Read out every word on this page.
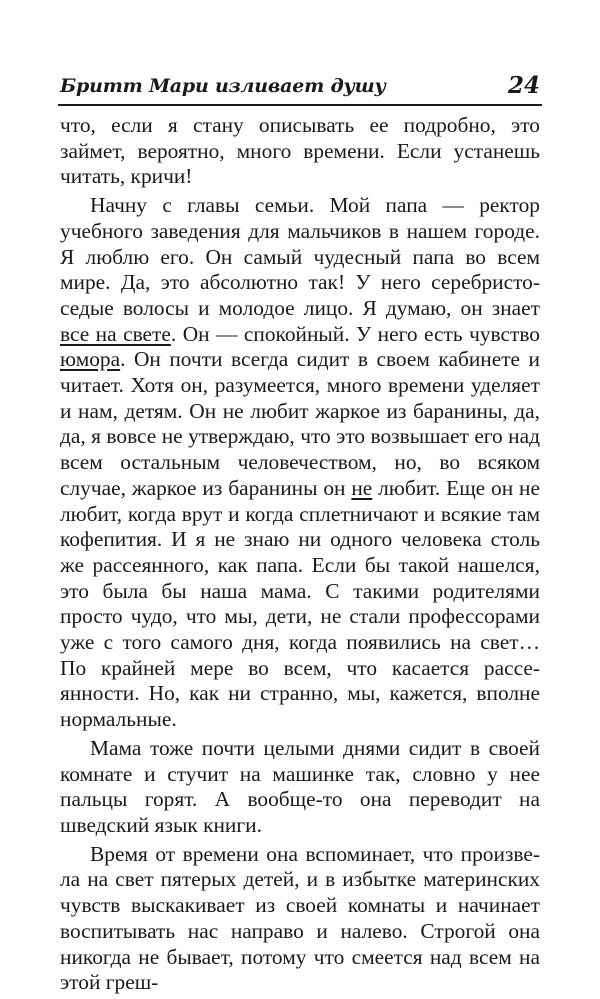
Бритт Мари изливает душу	24

что, если я стану описывать ее подробно, это займет, вероятно, много времени. Если устанешь читать, кричи!

Начну с главы семьи. Мой папа — ректор учебного заведения для мальчиков в нашем городе. Я люблю его. Он самый чудесный папа во всем мире. Да, это абсолютно так! У него серебристо-седые волосы и молодое лицо. Я думаю, он знает все на свете. Он — спокойный. У него есть чувство юмора. Он почти всегда сидит в своем кабинете и читает. Хотя он, разумеется, много времени уделяет и нам, детям. Он не любит жаркое из баранины, да, да, я вовсе не утверждаю, что это возвышает его над всем остальным человечеством, но, во всяком случае, жаркое из баранины он не любит. Еще он не любит, когда врут и когда сплетничают и всякие там кофепития. И я не знаю ни одного человека столь же рассеянного, как папа. Если бы такой нашелся, это была бы наша мама. С такими родителями просто чудо, что мы, дети, не стали профессорами уже с того самого дня, когда появились на свет… По крайней мере во всем, что касается рассеянности. Но, как ни странно, мы, кажется, вполне нормальные.

Мама тоже почти целыми днями сидит в своей комнате и стучит на машинке так, словно у нее пальцы горят. А вообще-то она переводит на шведский язык книги.

Время от времени она вспоминает, что произвела на свет пятерых детей, и в избытке материнских чувств выскакивает из своей комнаты и начинает воспитывать нас направо и налево. Строгой она никогда не бывает, потому что смеется над всем на этой греш-
